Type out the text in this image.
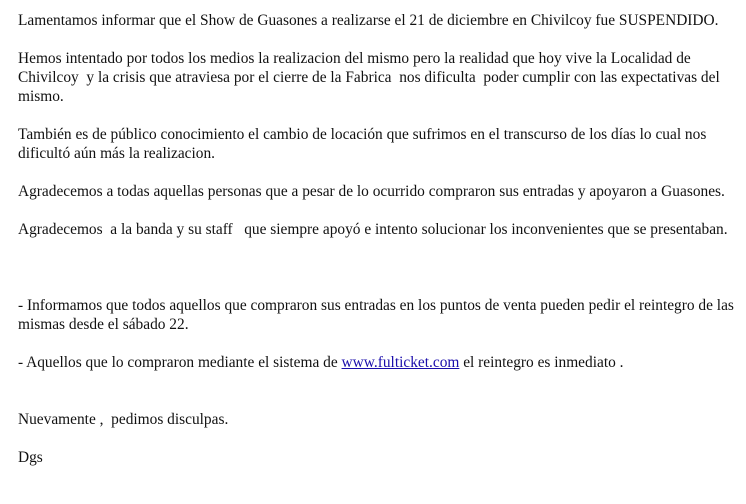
Lamentamos informar que el Show de Guasones a realizarse el 21 de diciembre en Chivilcoy fue SUSPENDIDO.

Hemos intentado por todos los medios la realizacion del mismo pero la realidad que hoy vive la Localidad de Chivilcoy  y la crisis que atraviesa por el cierre de la Fabrica  nos dificulta  poder cumplir con las expectativas del mismo.

También es de público conocimiento el cambio de locación que sufrimos en el transcurso de los días lo cual nos dificultó aún más la realizacion.

Agradecemos a todas aquellas personas que a pesar de lo ocurrido compraron sus entradas y apoyaron a Guasones.

Agradecemos  a la banda y su staff   que siempre apoyó e intento solucionar los inconvenientes que se presentaban.

- Informamos que todos aquellos que compraron sus entradas en los puntos de venta pueden pedir el reintegro de las mismas desde el sábado 22.

- Aquellos que lo compraron mediante el sistema de www.fulticket.com el reintegro es inmediato .

Nuevamente ,  pedimos disculpas.

Dgs
